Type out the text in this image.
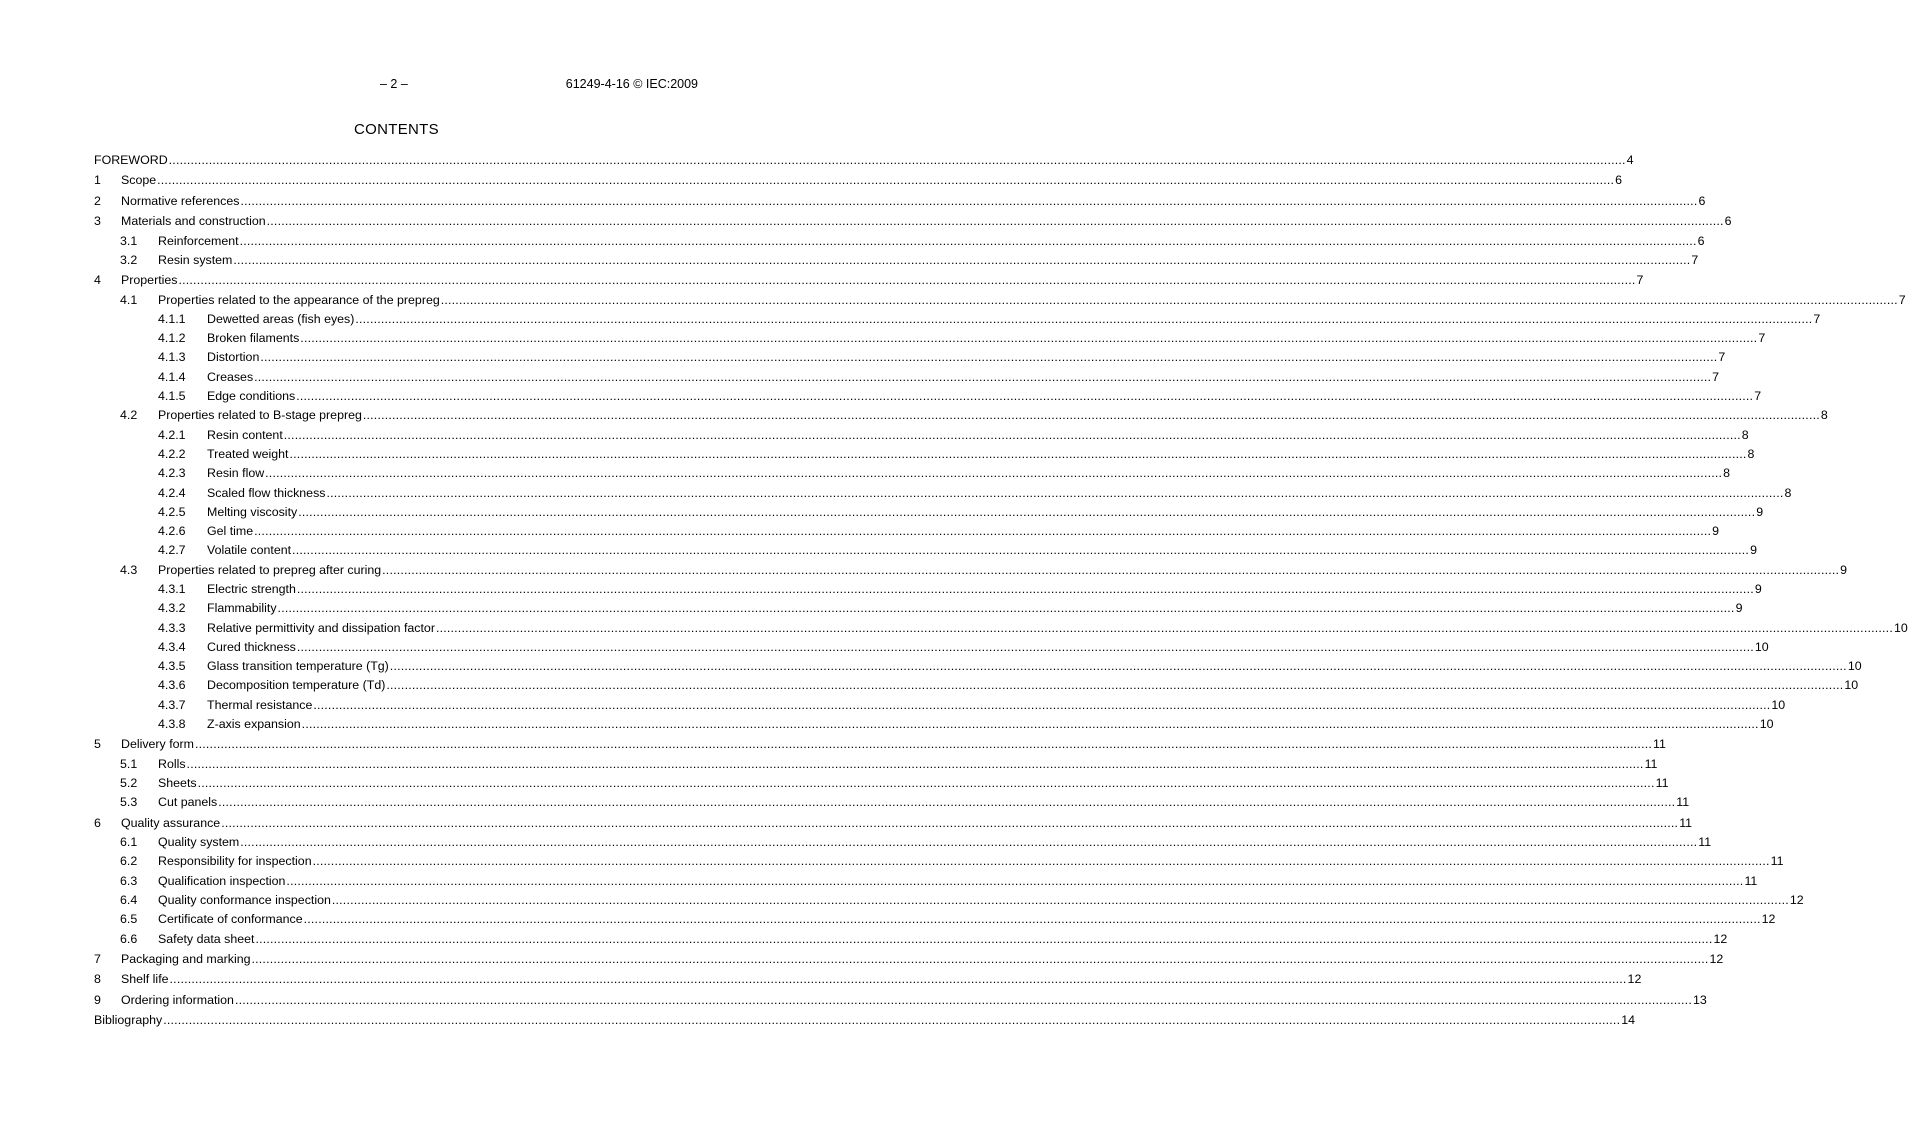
– 2 –	61249-4-16 © IEC:2009
CONTENTS
FOREWORD ................................................................................................................................................................................................................................................................................................................................................................................................................ 4
1	Scope ................................................................................................................................................................................................................................................................................................................................................................................................................ 6
2	Normative references ................................................................................................................................................................................................................................................................................................................................................................................................................ 6
3	Materials and construction ................................................................................................................................................................................................................................................................................................................................................................................................................ 6
3.1	Reinforcement ................................................................................................................................................................................................................................................................................................................................................................................................................ 6
3.2	Resin system ................................................................................................................................................................................................................................................................................................................................................................................................................ 7
4	Properties ................................................................................................................................................................................................................................................................................................................................................................................................................ 7
4.1	Properties related to the appearance of the prepreg ................................................................................................................................................................................................................................................................................................................................................................................................................ 7
4.1.1	Dewetted areas (fish eyes) ................................................................................................................................................................................................................................................................................................................................................................................................................ 7
4.1.2	Broken filaments ................................................................................................................................................................................................................................................................................................................................................................................................................ 7
4.1.3	Distortion ................................................................................................................................................................................................................................................................................................................................................................................................................ 7
4.1.4	Creases ................................................................................................................................................................................................................................................................................................................................................................................................................ 7
4.1.5	Edge conditions ................................................................................................................................................................................................................................................................................................................................................................................................................ 7
4.2	Properties related to B-stage prepreg ................................................................................................................................................................................................................................................................................................................................................................................................................ 8
4.2.1	Resin content ................................................................................................................................................................................................................................................................................................................................................................................................................ 8
4.2.2	Treated weight ................................................................................................................................................................................................................................................................................................................................................................................................................ 8
4.2.3	Resin flow ................................................................................................................................................................................................................................................................................................................................................................................................................ 8
4.2.4	Scaled flow thickness ................................................................................................................................................................................................................................................................................................................................................................................................................ 8
4.2.5	Melting viscosity ................................................................................................................................................................................................................................................................................................................................................................................................................ 9
4.2.6	Gel time ................................................................................................................................................................................................................................................................................................................................................................................................................ 9
4.2.7	Volatile content ................................................................................................................................................................................................................................................................................................................................................................................................................ 9
4.3	Properties related to prepreg after curing ................................................................................................................................................................................................................................................................................................................................................................................................................ 9
4.3.1	Electric strength ................................................................................................................................................................................................................................................................................................................................................................................................................ 9
4.3.2	Flammability ................................................................................................................................................................................................................................................................................................................................................................................................................ 9
4.3.3	Relative permittivity and dissipation factor ................................................................................................................................................................................................................................................................................................................................................................................................................ 10
4.3.4	Cured thickness ................................................................................................................................................................................................................................................................................................................................................................................................................ 10
4.3.5	Glass transition temperature (Tg) ................................................................................................................................................................................................................................................................................................................................................................................................................ 10
4.3.6	Decomposition temperature (Td) ................................................................................................................................................................................................................................................................................................................................................................................................................ 10
4.3.7	Thermal resistance ................................................................................................................................................................................................................................................................................................................................................................................................................ 10
4.3.8	Z-axis expansion ................................................................................................................................................................................................................................................................................................................................................................................................................ 10
5	Delivery form ................................................................................................................................................................................................................................................................................................................................................................................................................ 11
5.1	Rolls ................................................................................................................................................................................................................................................................................................................................................................................................................ 11
5.2	Sheets ................................................................................................................................................................................................................................................................................................................................................................................................................ 11
5.3	Cut panels ................................................................................................................................................................................................................................................................................................................................................................................................................ 11
6	Quality assurance ................................................................................................................................................................................................................................................................................................................................................................................................................ 11
6.1	Quality system ................................................................................................................................................................................................................................................................................................................................................................................................................ 11
6.2	Responsibility for inspection ................................................................................................................................................................................................................................................................................................................................................................................................................ 11
6.3	Qualification inspection ................................................................................................................................................................................................................................................................................................................................................................................................................ 11
6.4	Quality conformance inspection ................................................................................................................................................................................................................................................................................................................................................................................................................ 12
6.5	Certificate of conformance ................................................................................................................................................................................................................................................................................................................................................................................................................ 12
6.6	Safety data sheet ................................................................................................................................................................................................................................................................................................................................................................................................................ 12
7	Packaging and marking ................................................................................................................................................................................................................................................................................................................................................................................................................ 12
8	Shelf life ................................................................................................................................................................................................................................................................................................................................................................................................................ 12
9	Ordering information ................................................................................................................................................................................................................................................................................................................................................................................................................ 13
Bibliography ................................................................................................................................................................................................................................................................................................................................................................................................................ 14
